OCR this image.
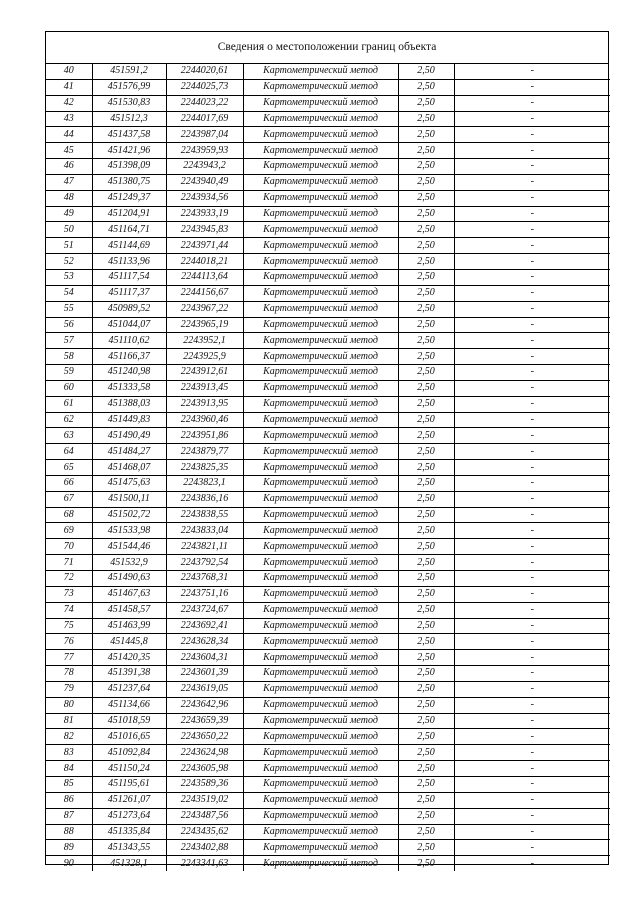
Сведения о местоположении границ объекта
40	451591,2	2244020,61	Картометрический метод	2,50	-
41	451576,99	2244025,73	Картометрический метод	2,50	-
42	451530,83	2244023,22	Картометрический метод	2,50	-
43	451512,3	2244017,69	Картометрический метод	2,50	-
44	451437,58	2243987,04	Картометрический метод	2,50	-
45	451421,96	2243959,93	Картометрический метод	2,50	-
46	451398,09	2243943,2	Картометрический метод	2,50	-
47	451380,75	2243940,49	Картометрический метод	2,50	-
48	451249,37	2243934,56	Картометрический метод	2,50	-
49	451204,91	2243933,19	Картометрический метод	2,50	-
50	451164,71	2243945,83	Картометрический метод	2,50	-
51	451144,69	2243971,44	Картометрический метод	2,50	-
52	451133,96	2244018,21	Картометрический метод	2,50	-
53	451117,54	2244113,64	Картометрический метод	2,50	-
54	451117,37	2244156,67	Картометрический метод	2,50	-
55	450989,52	2243967,22	Картометрический метод	2,50	-
56	451044,07	2243965,19	Картометрический метод	2,50	-
57	451110,62	2243952,1	Картометрический метод	2,50	-
58	451166,37	2243925,9	Картометрический метод	2,50	-
59	451240,98	2243912,61	Картометрический метод	2,50	-
60	451333,58	2243913,45	Картометрический метод	2,50	-
61	451388,03	2243913,95	Картометрический метод	2,50	-
62	451449,83	2243960,46	Картометрический метод	2,50	-
63	451490,49	2243951,86	Картометрический метод	2,50	-
64	451484,27	2243879,77	Картометрический метод	2,50	-
65	451468,07	2243825,35	Картометрический метод	2,50	-
66	451475,63	2243823,1	Картометрический метод	2,50	-
67	451500,11	2243836,16	Картометрический метод	2,50	-
68	451502,72	2243838,55	Картометрический метод	2,50	-
69	451533,98	2243833,04	Картометрический метод	2,50	-
70	451544,46	2243821,11	Картометрический метод	2,50	-
71	451532,9	2243792,54	Картометрический метод	2,50	-
72	451490,63	2243768,31	Картометрический метод	2,50	-
73	451467,63	2243751,16	Картометрический метод	2,50	-
74	451458,57	2243724,67	Картометрический метод	2,50	-
75	451463,99	2243692,41	Картометрический метод	2,50	-
76	451445,8	2243628,34	Картометрический метод	2,50	-
77	451420,35	2243604,31	Картометрический метод	2,50	-
78	451391,38	2243601,39	Картометрический метод	2,50	-
79	451237,64	2243619,05	Картометрический метод	2,50	-
80	451134,66	2243642,96	Картометрический метод	2,50	-
81	451018,59	2243659,39	Картометрический метод	2,50	-
82	451016,65	2243650,22	Картометрический метод	2,50	-
83	451092,84	2243624,98	Картометрический метод	2,50	-
84	451150,24	2243605,98	Картометрический метод	2,50	-
85	451195,61	2243589,36	Картометрический метод	2,50	-
86	451261,07	2243519,02	Картометрический метод	2,50	-
87	451273,64	2243487,56	Картометрический метод	2,50	-
88	451335,84	2243435,62	Картометрический метод	2,50	-
89	451343,55	2243402,88	Картометрический метод	2,50	-
90	451328,1	2243341,63	Картометрический метод	2,50	-
